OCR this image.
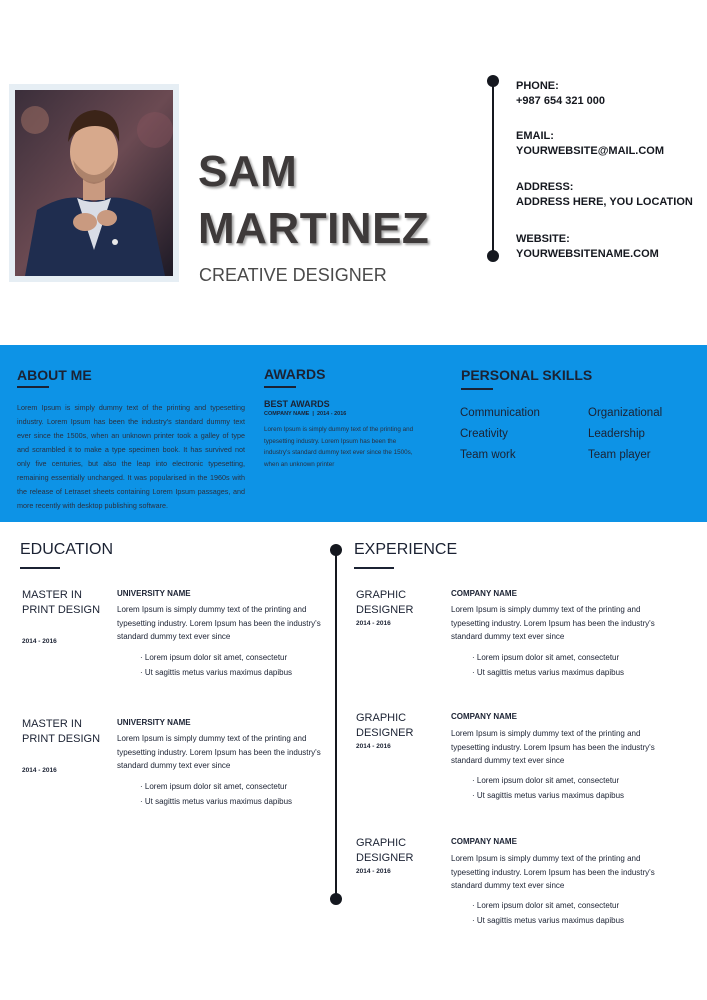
SAM
MARTINEZ
CREATIVE DESIGNER
PHONE:
+987 654 321 000
EMAIL:
YOURWEBSITE@MAIL.COM
ADDRESS:
ADDRESS HERE, YOU LOCATION
WEBSITE:
YOURWEBSITENAME.COM
ABOUT ME
Lorem Ipsum is simply dummy text of the printing and typesetting industry. Lorem Ipsum has been the industry's standard dummy text ever since the 1500s, when an unknown printer took a galley of type and scrambled it to make a type specimen book. It has survived not only five centuries, but also the leap into electronic typesetting, remaining essentially unchanged. It was popularised in the 1960s with the release of Letraset sheets containing Lorem Ipsum passages, and more recently with desktop publishing software.
AWARDS
BEST AWARDS
COMPANY NAME | 2014 - 2016
Lorem Ipsum is simply dummy text of the printing and typesetting industry. Lorem Ipsum has been the industry's standard dummy text ever since the 1500s, when an unknown printer
PERSONAL SKILLS
Communication	Organizational
Creativity	Leadership
Team work	Team player
EDUCATION	EXPERIENCE
MASTER IN PRINT DESIGN
2014 - 2016
UNIVERSITY NAME
Lorem Ipsum is simply dummy text of the printing and typesetting industry. Lorem Ipsum has been the industry's standard dummy text ever since
· Lorem ipsum dolor sit amet, consectetur
· Ut sagittis metus varius maximus dapibus
MASTER IN PRINT DESIGN
2014 - 2016
UNIVERSITY NAME
Lorem Ipsum is simply dummy text of the printing and typesetting industry. Lorem Ipsum has been the industry's standard dummy text ever since
· Lorem ipsum dolor sit amet, consectetur
· Ut sagittis metus varius maximus dapibus
GRAPHIC DESIGNER
2014 - 2016
COMPANY NAME
Lorem Ipsum is simply dummy text of the printing and typesetting industry. Lorem Ipsum has been the industry's standard dummy text ever since
· Lorem ipsum dolor sit amet, consectetur
· Ut sagittis metus varius maximus dapibus
GRAPHIC DESIGNER
2014 - 2016
COMPANY NAME
Lorem Ipsum is simply dummy text of the printing and typesetting industry. Lorem Ipsum has been the industry's standard dummy text ever since
· Lorem ipsum dolor sit amet, consectetur
· Ut sagittis metus varius maximus dapibus
GRAPHIC DESIGNER
2014 - 2016
COMPANY NAME
Lorem Ipsum is simply dummy text of the printing and typesetting industry. Lorem Ipsum has been the industry's standard dummy text ever since
· Lorem ipsum dolor sit amet, consectetur
· Ut sagittis metus varius maximus dapibus
